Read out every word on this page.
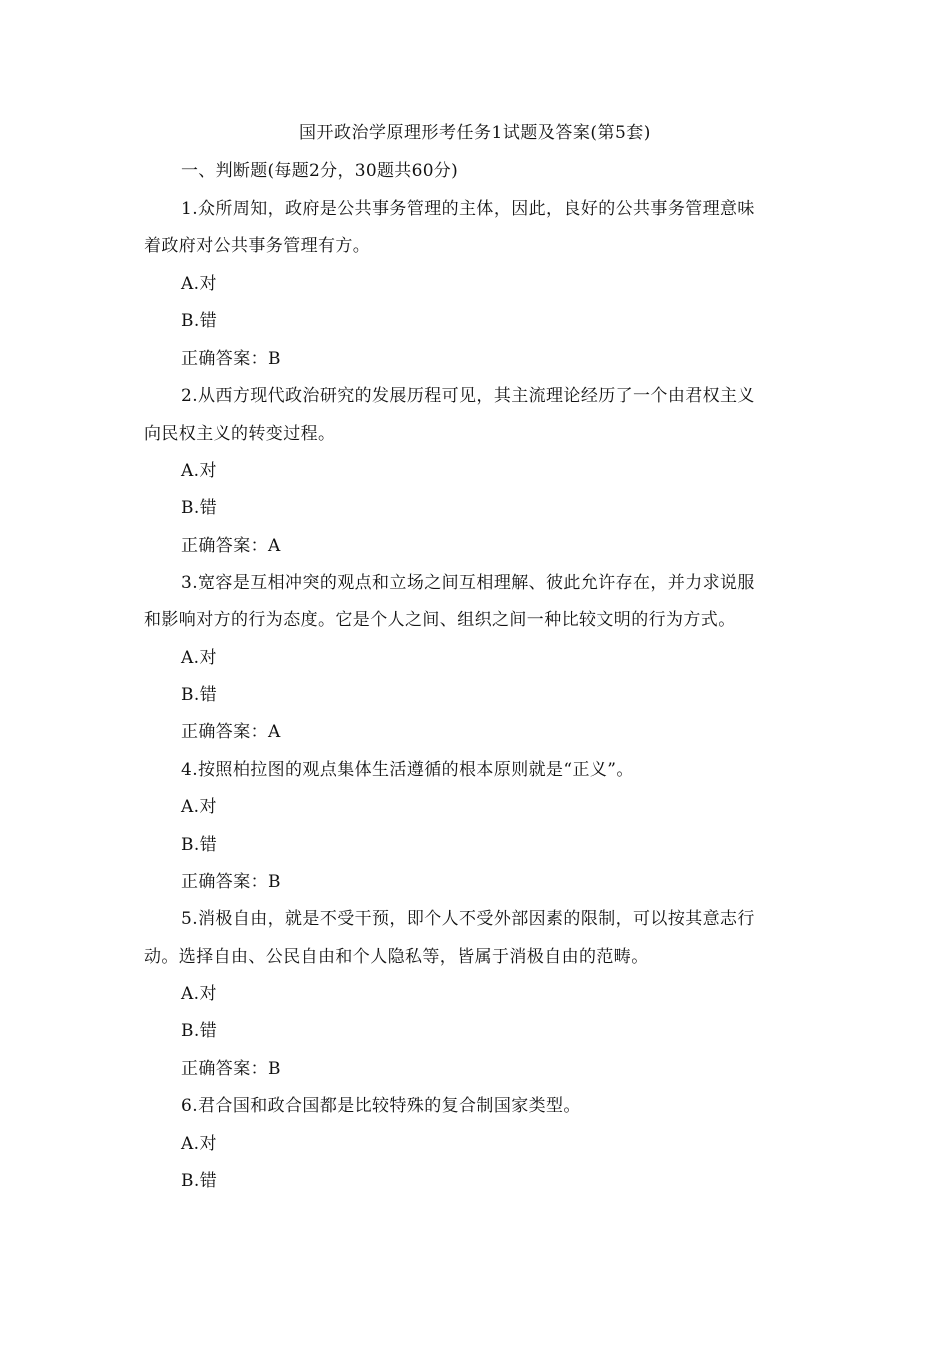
国开政治学原理形考任务1试题及答案(第5套)
一、判断题(每题2分，30题共60分)
1.众所周知，政府是公共事务管理的主体，因此，良好的公共事务管理意味
着政府对公共事务管理有方。
A.对
B.错
正确答案：B
2.从西方现代政治研究的发展历程可见，其主流理论经历了一个由君权主义
向民权主义的转变过程。
A.对
B.错
正确答案：A
3.宽容是互相冲突的观点和立场之间互相理解、彼此允许存在，并力求说服
和影响对方的行为态度。它是个人之间、组织之间一种比较文明的行为方式。
A.对
B.错
正确答案：A
4.按照柏拉图的观点集体生活遵循的根本原则就是“正义”。
A.对
B.错
正确答案：B
5.消极自由，就是不受干预，即个人不受外部因素的限制，可以按其意志行
动。选择自由、公民自由和个人隐私等，皆属于消极自由的范畴。
A.对
B.错
正确答案：B
6.君合国和政合国都是比较特殊的复合制国家类型。
A.对
B.错
